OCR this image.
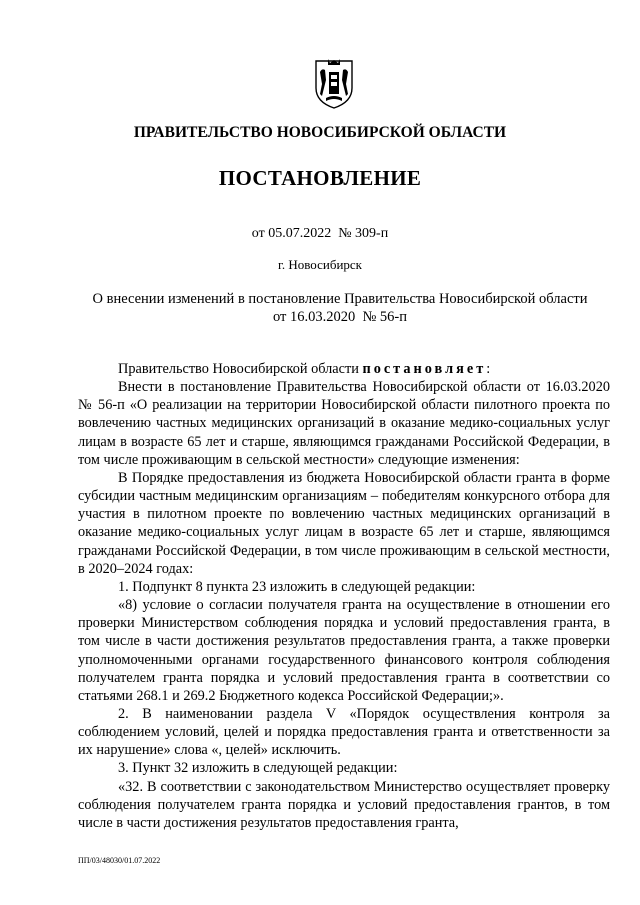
ПРАВИТЕЛЬСТВО НОВОСИБИРСКОЙ ОБЛАСТИ
ПОСТАНОВЛЕНИЕ
от 05.07.2022  № 309-п
г. Новосибирск
О внесении изменений в постановление Правительства Новосибирской области
от 16.03.2020  № 56-п

Правительство Новосибирской области постановляет:

Внести в постановление Правительства Новосибирской области от 16.03.2020 № 56-п «О реализации на территории Новосибирской области пилотного проекта по вовлечению частных медицинских организаций в оказание медико-социальных услуг лицам в возрасте 65 лет и старше, являющимся гражданами Российской Федерации, в том числе проживающим в сельской местности» следующие изменения:

В Порядке предоставления из бюджета Новосибирской области гранта в форме субсидии частным медицинским организациям – победителям конкурсного отбора для участия в пилотном проекте по вовлечению частных медицинских организаций в оказание медико-социальных услуг лицам в возрасте 65 лет и старше, являющимся гражданами Российской Федерации, в том числе проживающим в сельской местности, в 2020–2024 годах:

1. Подпункт 8 пункта 23 изложить в следующей редакции:

«8) условие о согласии получателя гранта на осуществление в отношении его проверки Министерством соблюдения порядка и условий предоставления гранта, в том числе в части достижения результатов предоставления гранта, а также проверки уполномоченными органами государственного финансового контроля соблюдения получателем гранта порядка и условий предоставления гранта в соответствии со статьями 268.1 и 269.2 Бюджетного кодекса Российской Федерации;».

2. В наименовании раздела V «Порядок осуществления контроля за соблюдением условий, целей и порядка предоставления гранта и ответственности за их нарушение» слова «, целей» исключить.

3. Пункт 32 изложить в следующей редакции:

«32. В соответствии с законодательством Министерство осуществляет проверку соблюдения получателем гранта порядка и условий предоставления грантов, в том числе в части достижения результатов предоставления гранта,

ПП/03/48030/01.07.2022
